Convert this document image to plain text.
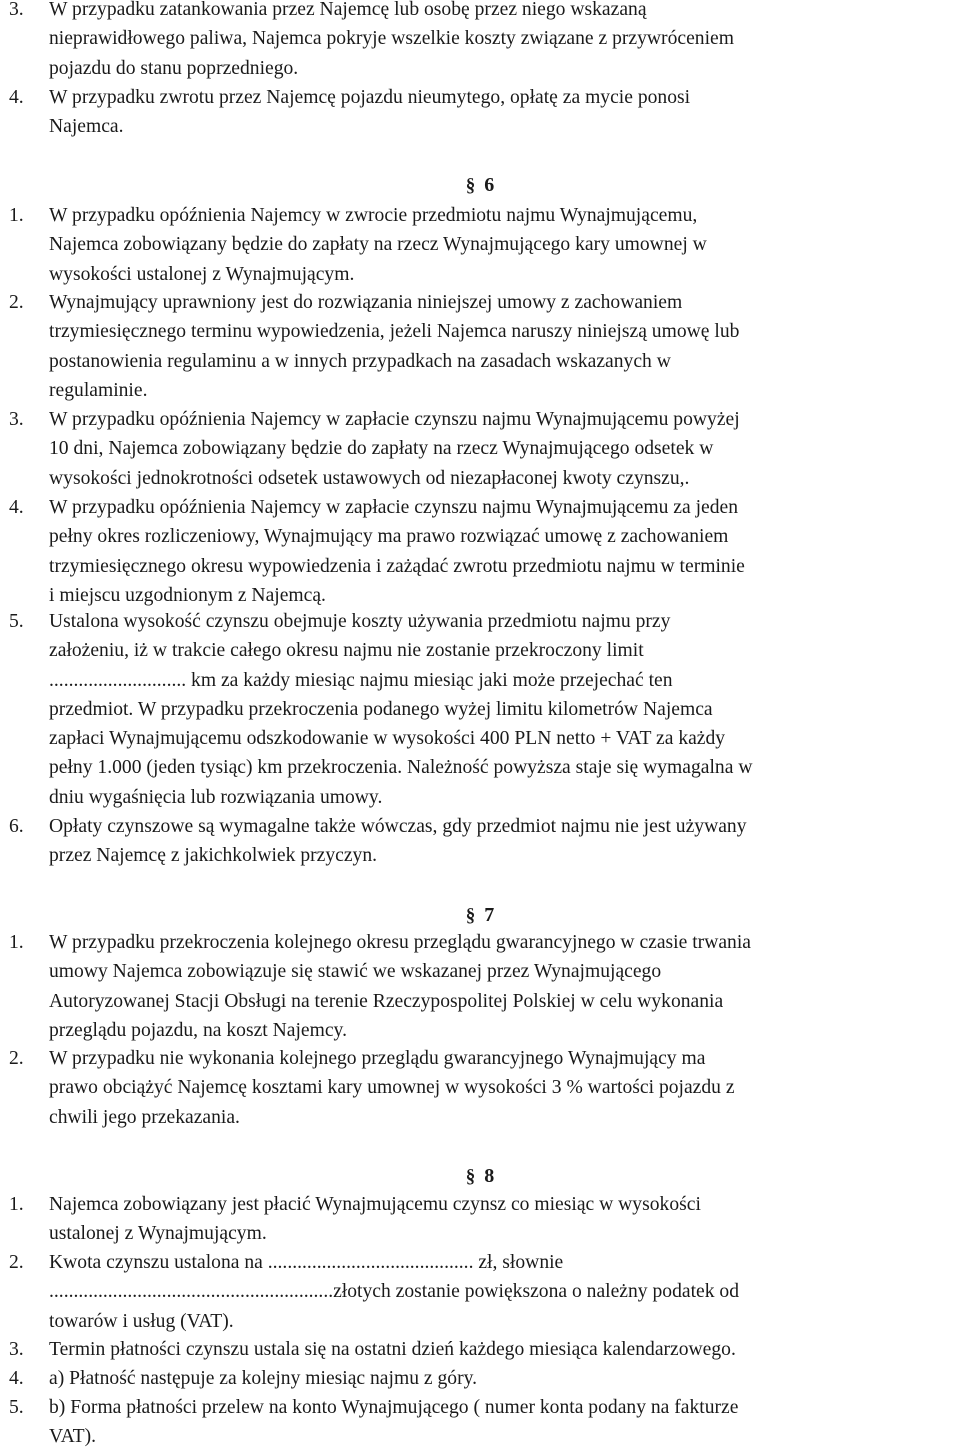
3. W przypadku zatankowania przez Najemcę lub osobę przez niego wskazaną
nieprawidłowego paliwa, Najemca pokryje wszelkie koszty związane z przywróceniem
pojazdu do stanu poprzedniego.
4. W przypadku zwrotu przez Najemcę pojazdu nieumytego, opłatę za mycie ponosi
Najemca.
§ 6
1. W przypadku opóźnienia Najemcy w zwrocie przedmiotu najmu Wynajmującemu,
Najemca zobowiązany będzie do zapłaty na rzecz Wynajmującego kary umownej w
wysokości ustalonej z Wynajmującym.
2. Wynajmujący uprawniony jest do rozwiązania niniejszej umowy z zachowaniem
trzymiesięcznego terminu wypowiedzenia, jeżeli Najemca naruszy niniejszą umowę lub
postanowienia regulaminu a w innych przypadkach na zasadach wskazanych w
regulaminie.
3. W przypadku opóźnienia Najemcy w zapłacie czynszu najmu Wynajmującemu powyżej
10 dni, Najemca zobowiązany będzie do zapłaty na rzecz Wynajmującego odsetek w
wysokości jednokrotności odsetek ustawowych od niezapłaconej kwoty czynszu,.
4. W przypadku opóźnienia Najemcy w zapłacie czynszu najmu Wynajmującemu za jeden
pełny okres rozliczeniowy, Wynajmujący ma prawo rozwiązać umowę z zachowaniem
trzymiesięcznego okresu wypowiedzenia i zażądać zwrotu przedmiotu najmu w terminie
i miejscu uzgodnionym z Najemcą.
5. Ustalona wysokość czynszu obejmuje koszty używania przedmiotu najmu przy
założeniu, iż w trakcie całego okresu najmu nie zostanie przekroczony limit
............................ km za każdy miesiąc najmu miesiąc jaki może przejechać ten
przedmiot. W przypadku przekroczenia podanego wyżej limitu kilometrów Najemca
zapłaci Wynajmującemu odszkodowanie w wysokości 400 PLN netto + VAT za każdy
pełny 1.000 (jeden tysiąc) km przekroczenia. Należność powyższa staje się wymagalna w
dniu wygaśnięcia lub rozwiązania umowy.
6. Opłaty czynszowe są wymagalne także wówczas, gdy przedmiot najmu nie jest używany
przez Najemcę z jakichkolwiek przyczyn.
§ 7
1. W przypadku przekroczenia kolejnego okresu przeglądu gwarancyjnego w czasie trwania
umowy Najemca zobowiązuje się stawić we wskazanej przez Wynajmującego
Autoryzowanej Stacji Obsługi na terenie Rzeczypospolitej Polskiej w celu wykonania
przeglądu pojazdu, na koszt Najemcy.
2. W przypadku nie wykonania kolejnego przeglądu gwarancyjnego Wynajmujący ma
prawo obciążyć Najemcę kosztami kary umownej w wysokości 3 % wartości pojazdu z
chwili jego przekazania.
§ 8
1. Najemca zobowiązany jest płacić Wynajmującemu czynsz co miesiąc w wysokości
ustalonej z Wynajmującym.
2. Kwota czynszu ustalona na .......................................... zł, słownie
..........................................................złotych zostanie powiększona o należny podatek od
towarów i usług (VAT).
3. Termin płatności czynszu ustala się na ostatni dzień każdego miesiąca kalendarzowego.
4. a) Płatność następuje za kolejny miesiąc najmu z góry.
5. b) Forma płatności przelew na konto Wynajmującego ( numer konta podany na fakturze
VAT).
